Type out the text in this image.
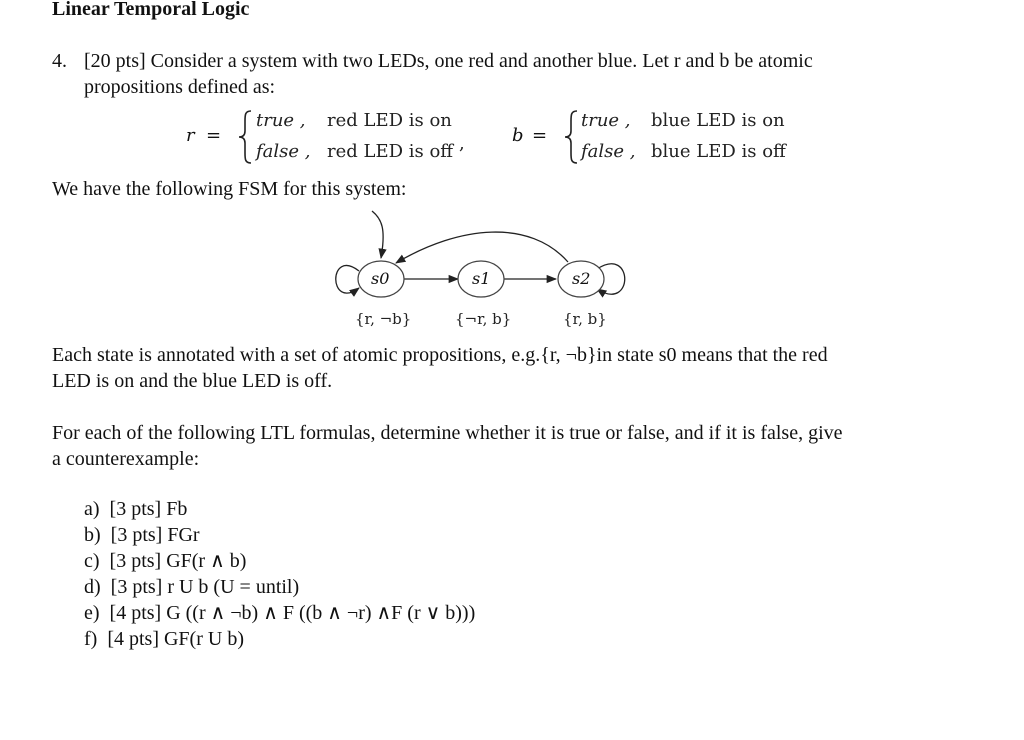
Linear Temporal Logic
4. [20 pts] Consider a system with two LEDs, one red and another blue. Let r and b be atomic
propositions defined as:
r =
true , red LED is on
false , red LED is off ,	b =
true , blue LED is on
false , blue LED is off
We have the following FSM for this system:
s0	s1	s2
{r, ¬b}	{¬r, b}	{r, b}
Each state is annotated with a set of atomic propositions, e.g.{r, ¬b}in state s0 means that the red
LED is on and the blue LED is off.
For each of the following LTL formulas, determine whether it is true or false, and if it is false, give
a counterexample:
a) [3 pts] Fb
b) [3 pts] FGr
c) [3 pts] GF(r ∧ b)
d) [3 pts] r U b (U = until)
e) [4 pts] G ((r ∧ ¬b) ∧ F ((b ∧ ¬r) ∧F (r ∨ b)))
f) [4 pts] GF(r U b)
